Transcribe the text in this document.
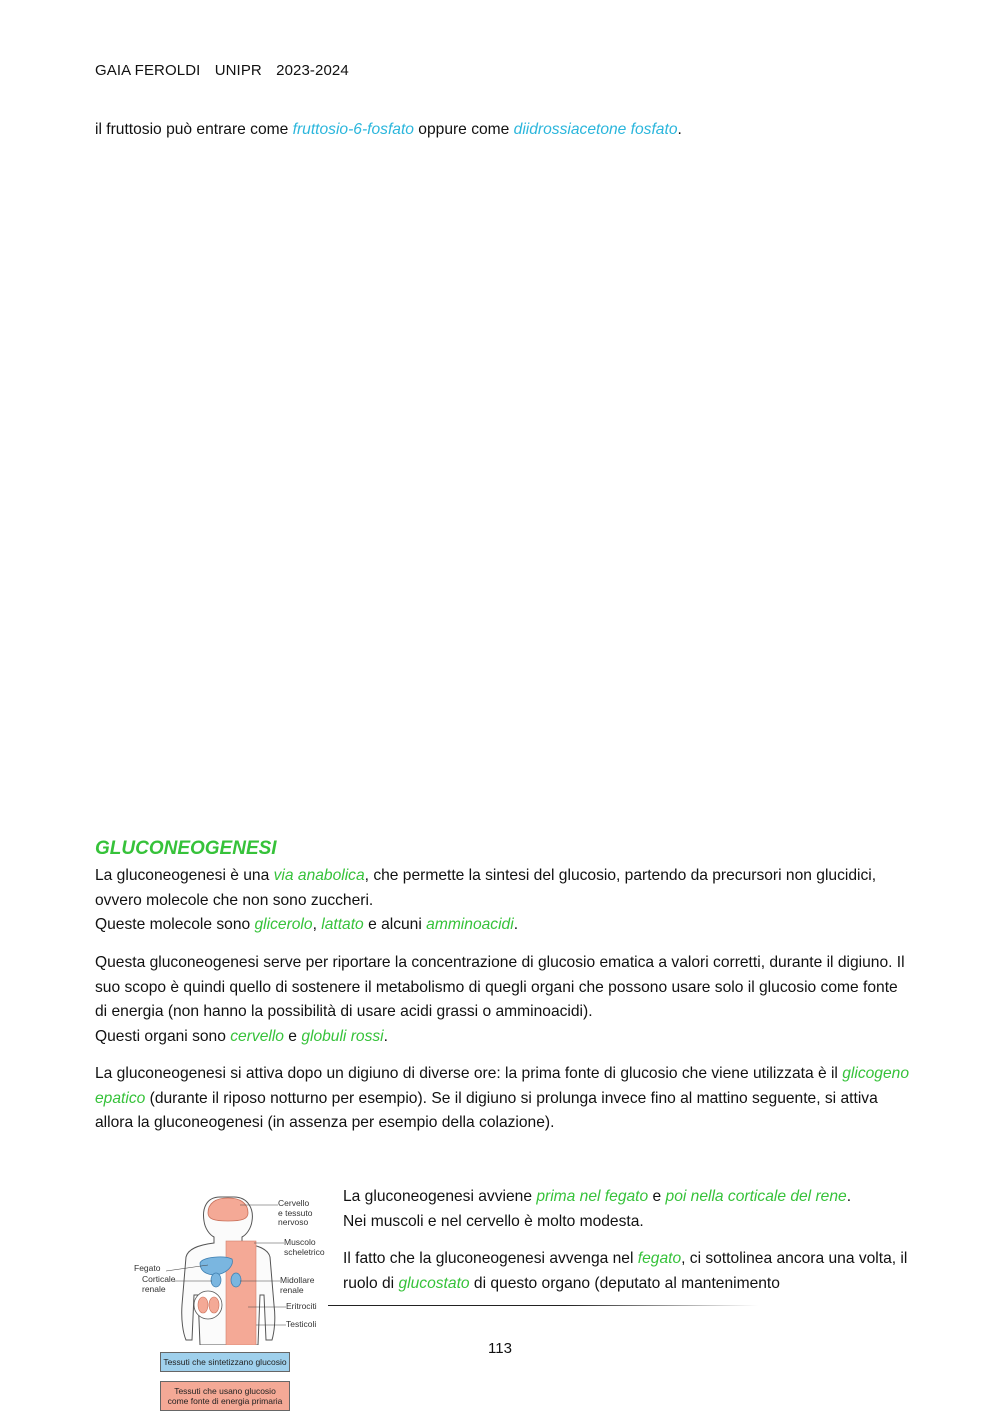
GAIA FEROLDI UNIPR 2023-2024

il fruttosio può entrare come fruttosio-6-fosfato oppure come diidrossiacetone fosfato.

GLUCONEOGENESI

La gluconeogenesi è una via anabolica, che permette la sintesi del glucosio, partendo da precursori non glucidici, ovvero molecole che non sono zuccheri.
Queste molecole sono glicerolo, lattato e alcuni amminoacidi.

Questa gluconeogenesi serve per riportare la concentrazione di glucosio ematica a valori corretti, durante il digiuno. Il suo scopo è quindi quello di sostenere il metabolismo di quegli organi che possono usare solo il glucosio come fonte di energia (non hanno la possibilità di usare acidi grassi o amminoacidi).
Questi organi sono cervello e globuli rossi.

La gluconeogenesi si attiva dopo un digiuno di diverse ore: la prima fonte di glucosio che viene utilizzata è il glicogeno epatico (durante il riposo notturno per esempio). Se il digiuno si prolunga invece fino al mattino seguente, si attiva allora la gluconeogenesi (in assenza per esempio della colazione).

La gluconeogenesi avviene prima nel fegato e poi nella corticale del rene.
Nei muscoli e nel cervello è molto modesta.

Il fatto che la gluconeogenesi avvenga nel fegato, ci sottolinea ancora una volta, il ruolo di glucostato di questo organo (deputato al mantenimento

Cervello
e tessuto
nervoso
Muscolo
scheletrico
Fegato
Corticale
renale
Midollare
renale
Eritrociti
Testicoli
Tessuti che sintetizzano glucosio
Tessuti che usano glucosio
come fonte di energia primaria
113
